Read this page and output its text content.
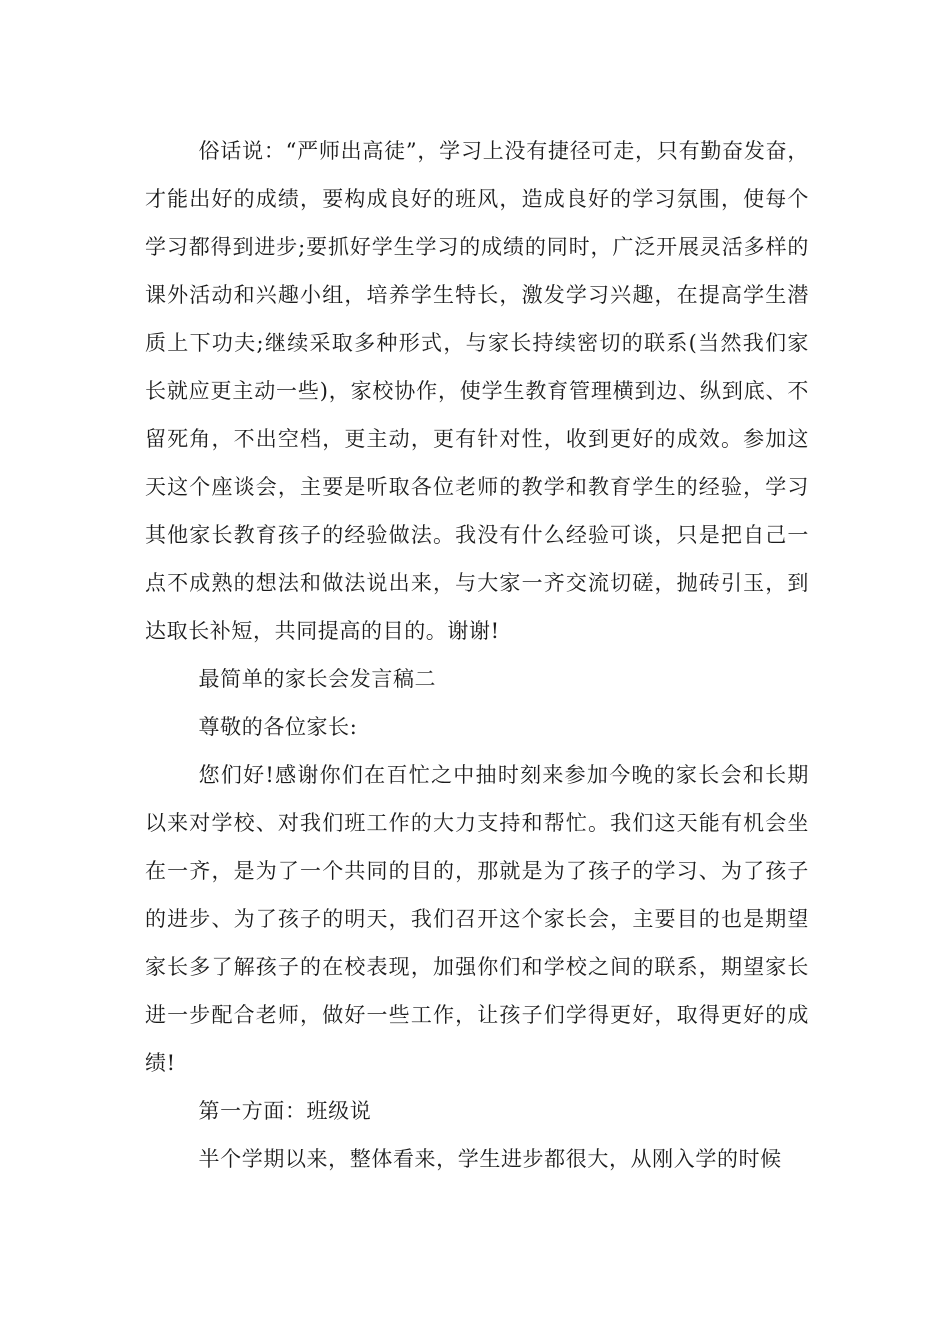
俗话说：“严师出高徒”，学习上没有捷径可走，只有勤奋发奋，才能出好的成绩，要构成良好的班风，造成良好的学习氛围，使每个学习都得到进步;要抓好学生学习的成绩的同时，广泛开展灵活多样的课外活动和兴趣小组，培养学生特长，激发学习兴趣，在提高学生潜质上下功夫;继续采取多种形式，与家长持续密切的联系(当然我们家长就应更主动一些)，家校协作，使学生教育管理横到边、纵到底、不留死角，不出空档，更主动，更有针对性，收到更好的成效。参加这天这个座谈会，主要是听取各位老师的教学和教育学生的经验，学习其他家长教育孩子的经验做法。我没有什么经验可谈，只是把自己一点不成熟的想法和做法说出来，与大家一齐交流切磋，抛砖引玉，到达取长补短，共同提高的目的。谢谢!

最简单的家长会发言稿二

尊敬的各位家长:

您们好!感谢你们在百忙之中抽时刻来参加今晚的家长会和长期以来对学校、对我们班工作的大力支持和帮忙。我们这天能有机会坐在一齐，是为了一个共同的目的，那就是为了孩子的学习、为了孩子的进步、为了孩子的明天，我们召开这个家长会，主要目的也是期望家长多了解孩子的在校表现，加强你们和学校之间的联系，期望家长进一步配合老师，做好一些工作，让孩子们学得更好，取得更好的成绩!

第一方面：班级说

半个学期以来，整体看来，学生进步都很大，从刚入学的时候
